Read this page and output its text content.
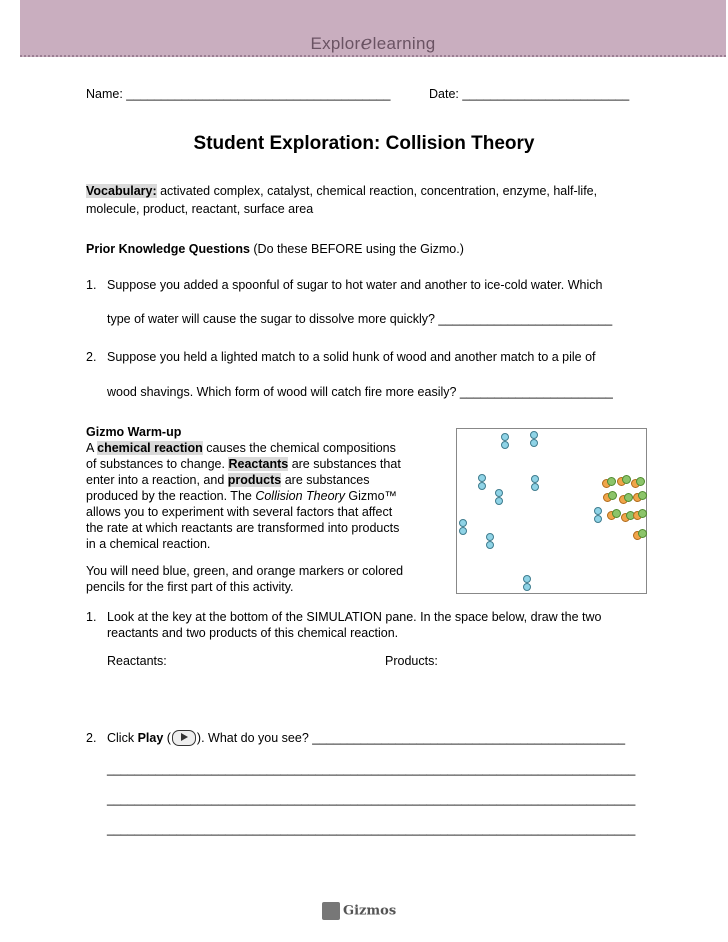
Explorelearning
Name: ______________________________________	Date: ________________________
Student Exploration: Collision Theory
Vocabulary: activated complex, catalyst, chemical reaction, concentration, enzyme, half-life,
molecule, product, reactant, surface area
Prior Knowledge Questions (Do these BEFORE using the Gizmo.)
1. Suppose you added a spoonful of sugar to hot water and another to ice-cold water. Which
type of water will cause the sugar to dissolve more quickly? _________________________
2. Suppose you held a lighted match to a solid hunk of wood and another match to a pile of
wood shavings. Which form of wood will catch fire more easily? ______________________
Gizmo Warm-up
A chemical reaction causes the chemical compositions
of substances to change. Reactants are substances that
enter into a reaction, and products are substances
produced by the reaction. The Collision Theory Gizmo™
allows you to experiment with several factors that affect
the rate at which reactants are transformed into products
in a chemical reaction.
You will need blue, green, and orange markers or colored
pencils for the first part of this activity.
1. Look at the key at the bottom of the SIMULATION pane. In the space below, draw the two
reactants and two products of this chemical reaction.
Reactants:	Products:
2. Click Play ( ). What do you see? _____________________________________________
____________________________________________________________________________
____________________________________________________________________________
____________________________________________________________________________
Gizmos
